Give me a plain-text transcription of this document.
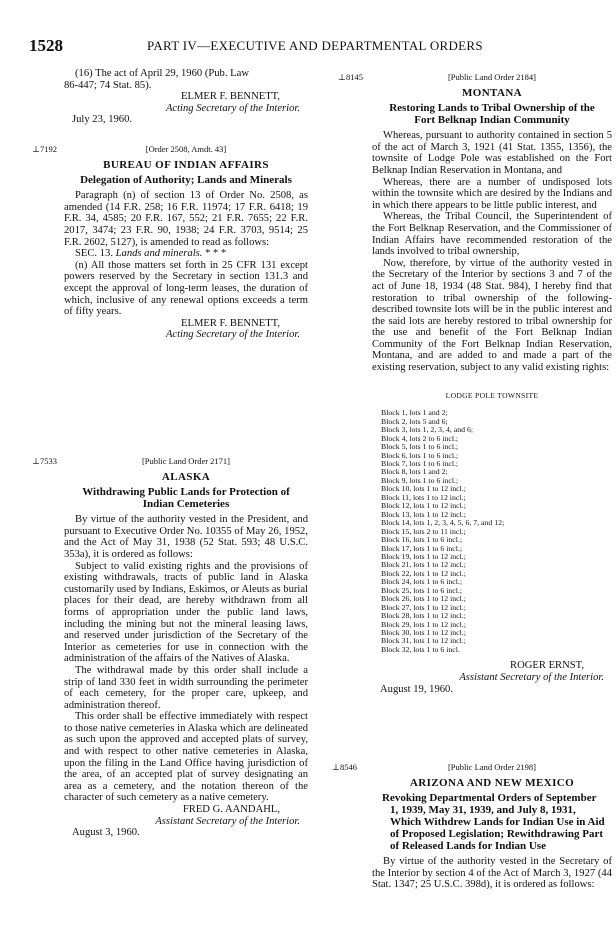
1528	PART IV—EXECUTIVE AND DEPARTMENTAL ORDERS
⊥8145
⊥7192
⊥7533
⊥8546

(16) The act of April 29, 1960 (Pub. Law

86-447; 74 Stat. 85).

ELMER F. BENNETT,

Acting Secretary of the Interior.

July 23, 1960.

[Order 2508, Amdt. 43]
BUREAU OF INDIAN AFFAIRS
Delegation of Authority; Lands and Minerals

Paragraph (n) of section 13 of Order No. 2508, as amended (14 F.R. 258; 16 F.R. 11974; 17 F.R. 6418; 19 F.R. 34, 4585; 20 F.R. 167, 552; 21 F.R. 7655; 22 F.R. 2017, 3474; 23 F.R. 90, 1938; 24 F.R. 3703, 9514; 25 F.R. 2602, 5127), is amended to read as follows:

SEC. 13. Lands and minerals. * * *

(n) All those matters set forth in 25 CFR 131 except powers reserved by the Secretary in section 131.3 and except the approval of long-term leases, the duration of which, inclusive of any renewal options exceeds a term of fifty years.

ELMER F. BENNETT,

Acting Secretary of the Interior.

[Public Land Order 2171]
ALASKA
Withdrawing Public Lands for Protection of Indian Cemeteries

By virtue of the authority vested in the President, and pursuant to Executive Order No. 10355 of May 26, 1952, and the Act of May 31, 1938 (52 Stat. 593; 48 U.S.C. 353a), it is ordered as follows:

Subject to valid existing rights and the provisions of existing withdrawals, tracts of public land in Alaska customarily used by Indians, Eskimos, or Aleuts as burial places for their dead, are hereby withdrawn from all forms of appropriation under the public land laws, including the mining but not the mineral leasing laws, and reserved under jurisdiction of the Secretary of the Interior as cemeteries for use in connection with the administration of the affairs of the Natives of Alaska.

The withdrawal made by this order shall include a strip of land 330 feet in width surrounding the perimeter of each cemetery, for the proper care, upkeep, and administration thereof.

This order shall be effective immediately with respect to those native cemeteries in Alaska which are delineated as such upon the approved and accepted plats of survey, and with respect to other native cemeteries in Alaska, upon the filing in the Land Office having jurisdiction of the area, of an accepted plat of survey designating an area as a cemetery, and the notation thereon of the character of such cemetery as a native cemetery.

FRED G. AANDAHL,

Assistant Secretary of the Interior.

August 3, 1960.

[Public Land Order 2184]
MONTANA
Restoring Lands to Tribal Ownership of the Fort Belknap Indian Community

Whereas, pursuant to authority contained in section 5 of the act of March 3, 1921 (41 Stat. 1355, 1356), the townsite of Lodge Pole was established on the Fort Belknap Indian Reservation in Montana, and

Whereas, there are a number of undisposed lots within the townsite which are desired by the Indians and in which there appears to be little public interest, and

Whereas, the Tribal Council, the Superintendent of the Fort Belknap Reservation, and the Commissioner of Indian Affairs have recommended restoration of the lands involved to tribal ownership,

Now, therefore, by virtue of the authority vested in the Secretary of the Interior by sections 3 and 7 of the act of June 18, 1934 (48 Stat. 984), I hereby find that restoration to tribal ownership of the following-described townsite lots will be in the public interest and the said lots are hereby restored to tribal ownership for the use and benefit of the Fort Belknap Indian Community of the Fort Belknap Indian Reservation, Montana, and are added to and made a part of the existing reservation, subject to any valid existing rights:

LODGE POLE TOWNSITE
Block 1, lots 1 and 2;
Block 2, lots 5 and 6;
Block 3, lots 1, 2, 3, 4, and 6;
Block 4, lots 2 to 6 incl.;
Block 5, lots 1 to 6 incl.;
Block 6, lots 1 to 6 incl.;
Block 7, lots 1 to 6 incl.;
Block 8, lots 1 and 2;
Block 9, lots 1 to 6 incl.;
Block 10, lots 1 to 12 incl.;
Block 11, lots 1 to 12 incl.;
Block 12, lots 1 to 12 incl.;
Block 13, lots 1 to 12 incl.;
Block 14, lots 1, 2, 3, 4, 5, 6, 7, and 12;
Block 15, lots 2 to 11 incl.;
Block 16, lots 1 to 6 incl.;
Block 17, lots 1 to 6 incl.;
Block 19, lots 1 to 12 incl.;
Block 21, lots 1 to 12 incl.;
Block 22, lots 1 to 12 incl.;
Block 24, lots 1 to 6 incl.;
Block 25, lots 1 to 6 incl.;
Block 26, lots 1 to 12 incl.;
Block 27, lots 1 to 12 incl.;
Block 28, lots 1 to 12 incl.;
Block 29, lots 1 to 12 incl.;
Block 30, lots 1 to 12 incl.;
Block 31, lots 1 to 12 incl.;
Block 32, lots 1 to 6 incl.

ROGER ERNST,

Assistant Secretary of the Interior.

August 19, 1960.

[Public Land Order 2198]
ARIZONA AND NEW MEXICO
Revoking Departmental Orders of September 1, 1939, May 31, 1939, and July 8, 1931, Which Withdrew Lands for Indian Use in Aid of Proposed Legislation; Rewithdrawing Part of Released Lands for Indian Use

By virtue of the authority vested in the Secretary of the Interior by section 4 of the Act of March 3, 1927 (44 Stat. 1347; 25 U.S.C. 398d), it is ordered as follows:
